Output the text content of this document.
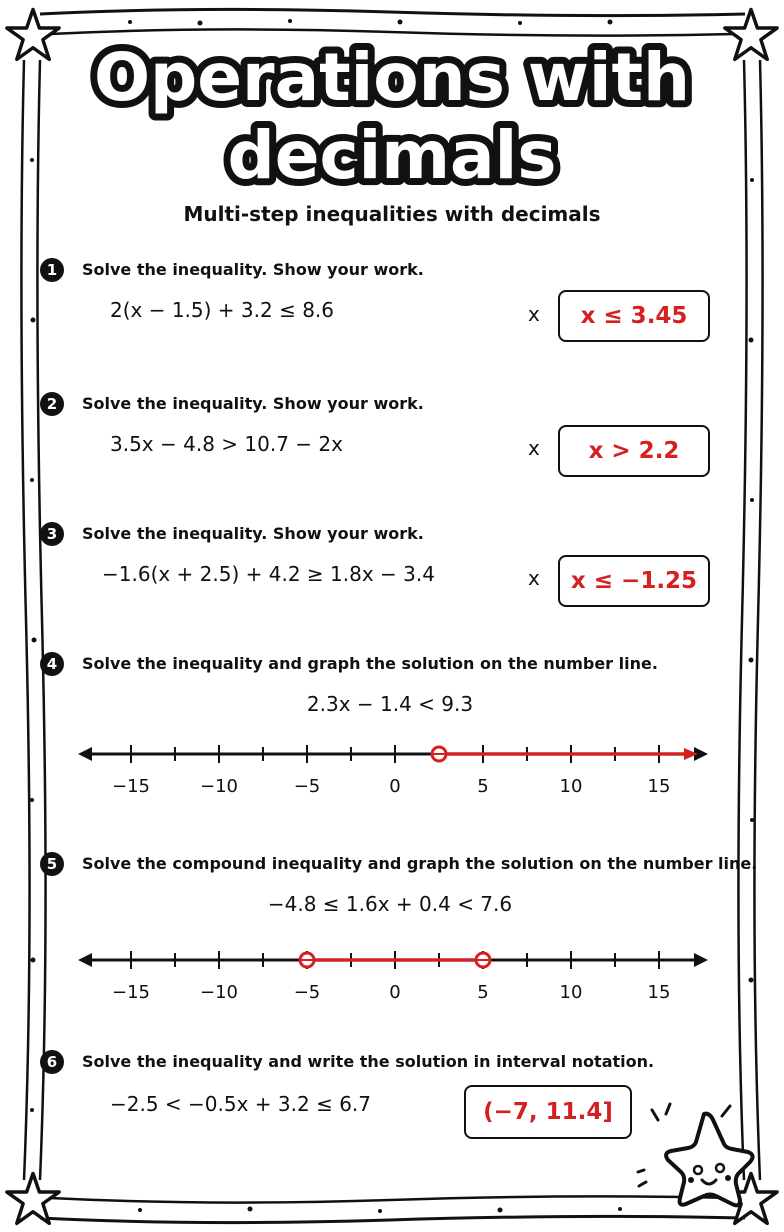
Operations with
decimals
Multi-step inequalities with decimals
1	Solve the inequality. Show your work.
2(x − 1.5) + 3.2 ≤ 8.6	x	x ≤ 3.45
2	Solve the inequality. Show your work.
3.5x − 4.8 > 10.7 − 2x	x	x > 2.2
3	Solve the inequality. Show your work.
−1.6(x + 2.5) + 4.2 ≥ 1.8x − 3.4	x	x ≤ −1.25
4	Solve the inequality and graph the solution on the number line.
2.3x − 1.4 < 9.3
−15	−10	−5	0	5	10	15
5	Solve the compound inequality and graph the solution on the number line.
−4.8 ≤ 1.6x + 0.4 < 7.6
−15	−10	−5	0	5	10	15
6	Solve the inequality and write the solution in interval notation.
−2.5 < −0.5x + 3.2 ≤ 6.7	(−7, 11.4]
